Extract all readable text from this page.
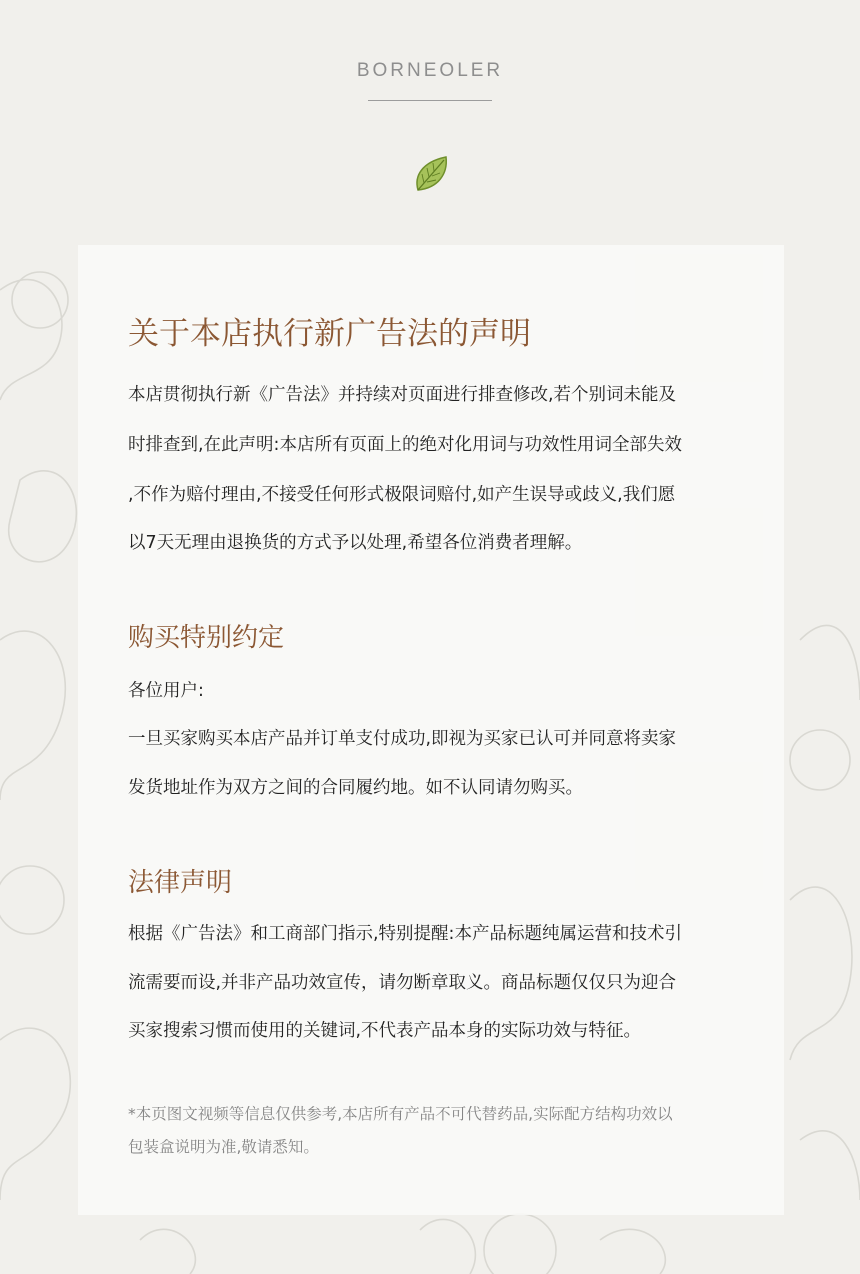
BORNEOLER
关于本店执行新广告法的声明
本店贯彻执行新《广告法》并持续对页面进行排查修改,若个别词未能及
时排查到,在此声明:本店所有页面上的绝对化用词与功效性用词全部失效
,不作为赔付理由,不接受任何形式极限词赔付,如产生误导或歧义,我们愿
以7天无理由退换货的方式予以处理,希望各位消费者理解。
购买特别约定
各位用户:
一旦买家购买本店产品并订单支付成功,即视为买家已认可并同意将卖家
发货地址作为双方之间的合同履约地。如不认同请勿购买。
法律声明
根据《广告法》和工商部门指示,特别提醒:本产品标题纯属运营和技术引
流需要而设,并非产品功效宣传，请勿断章取义。商品标题仅仅只为迎合
买家搜索习惯而使用的关键词,不代表产品本身的实际功效与特征。
*本页图文视频等信息仅供参考,本店所有产品不可代替药品,实际配方结构功效以
包装盒说明为准,敬请悉知。
